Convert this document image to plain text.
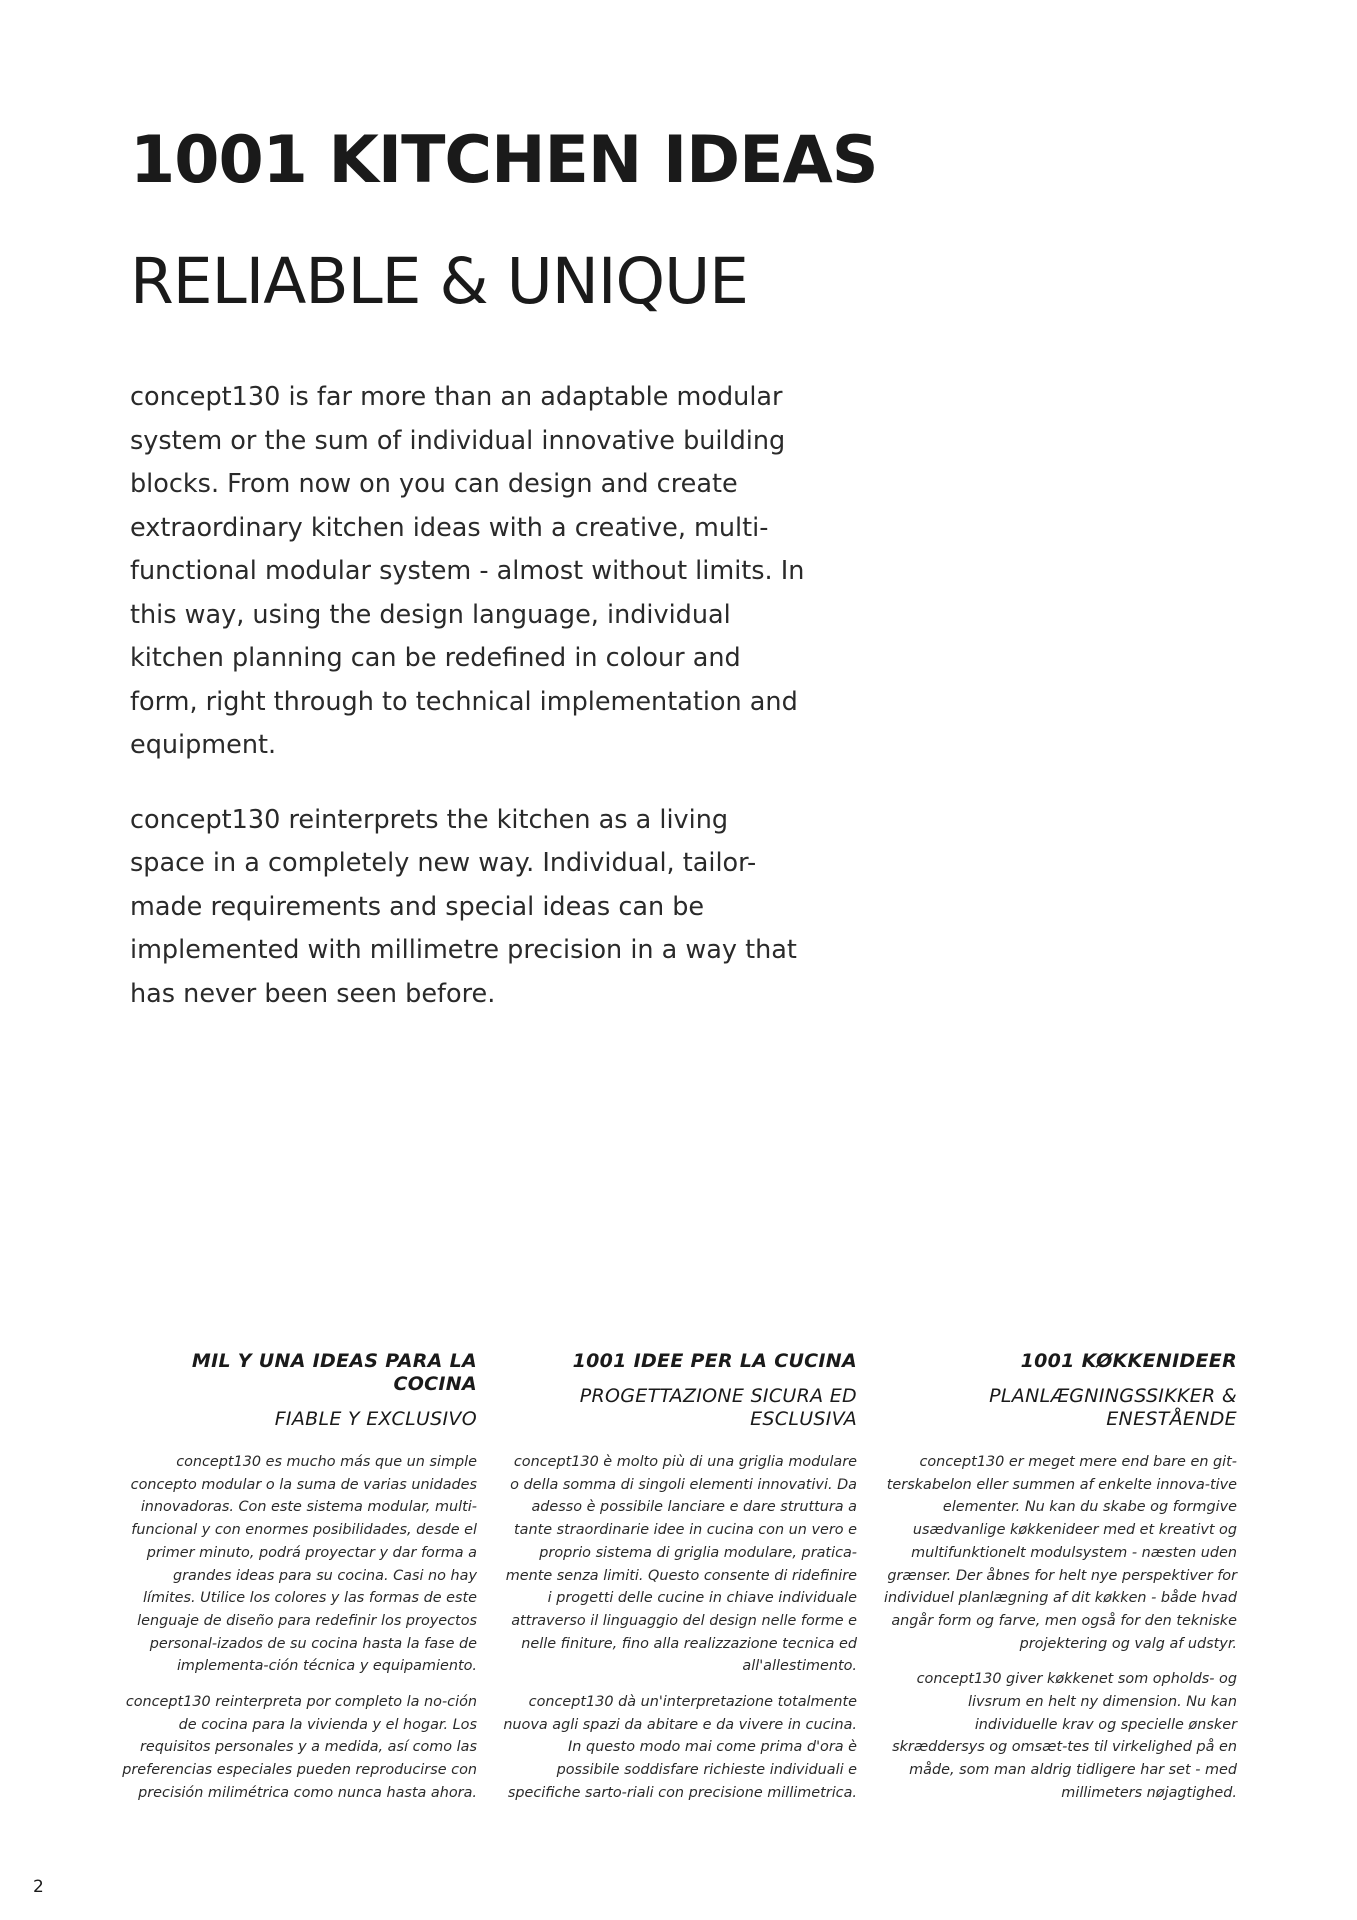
1001 KITCHEN IDEAS
RELIABLE & UNIQUE

concept130 is far more than an adaptable modular system or the sum of individual innovative building blocks. From now on you can design and create extraordinary kitchen ideas with a creative, multi-functional modular system - almost without limits. In this way, using the design language, individual kitchen planning can be redefined in colour and form, right through to technical implementation and equipment.

concept130 reinterprets the kitchen as a living space in a completely new way. Individual, tailor-made requirements and special ideas can be implemented with millimetre precision in a way that has never been seen before.

MIL Y UNA IDEAS PARA LA COCINA
FIABLE Y EXCLUSIVO

concept130 es mucho más que un simple concepto modular o la suma de varias unidades innovadoras. Con este sistema modular, multi-funcional y con enormes posibilidades, desde el primer minuto, podrá proyectar y dar forma a grandes ideas para su cocina. Casi no hay límites. Utilice los colores y las formas de este lenguaje de diseño para redefinir los proyectos personal-izados de su cocina hasta la fase de implementa-ción técnica y equipamiento.

concept130 reinterpreta por completo la no-ción de cocina para la vivienda y el hogar. Los requisitos personales y a medida, así como las preferencias especiales pueden reproducirse con precisión milimétrica como nunca hasta ahora.

1001 IDEE PER LA CUCINA
PROGETTAZIONE SICURA ED ESCLUSIVA

concept130 è molto più di una griglia modulare o della somma di singoli elementi innovativi. Da adesso è possibile lanciare e dare struttura a tante straordinarie idee in cucina con un vero e proprio sistema di griglia modulare, pratica-mente senza limiti. Questo consente di ridefinire i progetti delle cucine in chiave individuale attraverso il linguaggio del design nelle forme e nelle finiture, fino alla realizzazione tecnica ed all'allestimento.

concept130 dà un'interpretazione totalmente nuova agli spazi da abitare e da vivere in cucina. In questo modo mai come prima d'ora è possibile soddisfare richieste individuali e specifiche sarto-riali con precisione millimetrica.

1001 KØKKENIDEER
PLANLÆGNINGSSIKKER & ENESTÅENDE

concept130 er meget mere end bare en git-terskabelon eller summen af enkelte innova-tive elementer. Nu kan du skabe og formgive usædvanlige køkkenideer med et kreativt og multifunktionelt modulsystem - næsten uden grænser. Der åbnes for helt nye perspektiver for individuel planlægning af dit køkken - både hvad angår form og farve, men også for den tekniske projektering og valg af udstyr.

concept130 giver køkkenet som opholds- og livsrum en helt ny dimension. Nu kan individuelle krav og specielle ønsker skræddersys og omsæt-tes til virkelighed på en måde, som man aldrig tidligere har set - med millimeters nøjagtighed.

2
